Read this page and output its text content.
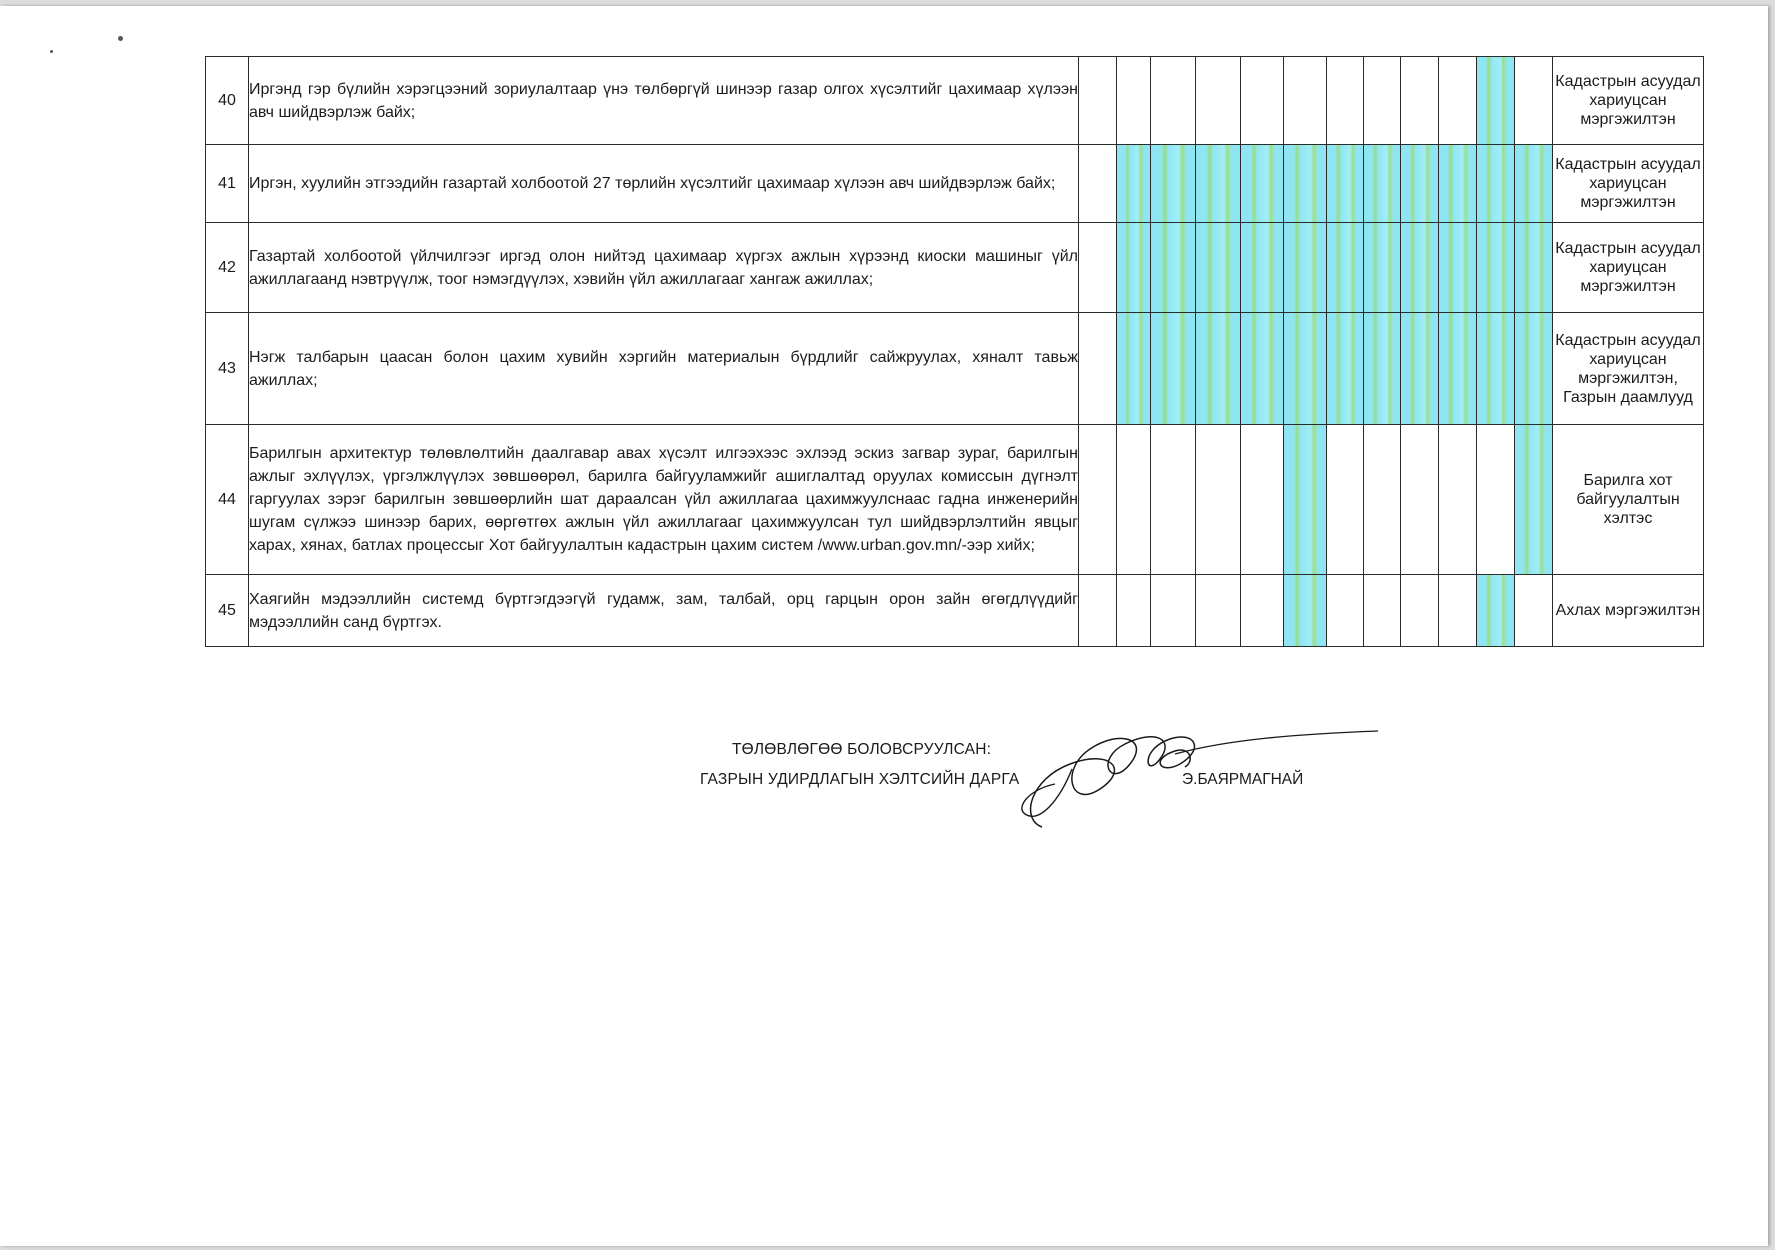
40	Иргэнд гэр бүлийн хэрэгцээний зориулалтаар үнэ төлбөргүй шинээр газар олгох хүсэлтийг цахимаар хүлээн авч шийдвэрлэж байх;													Кадастрын асуудал хариуцсан мэргэжилтэн
41	Иргэн, хуулийн этгээдийн газартай холбоотой 27 төрлийн хүсэлтийг цахимаар хүлээн авч шийдвэрлэж байх;													Кадастрын асуудал хариуцсан мэргэжилтэн
42	Газартай холбоотой үйлчилгээг иргэд олон нийтэд цахимаар хүргэх ажлын хүрээнд киоски машиныг үйл ажиллагаанд нэвтрүүлж, тоог нэмэгдүүлэх, хэвийн үйл ажиллагааг хангаж ажиллах;													Кадастрын асуудал хариуцсан мэргэжилтэн
43	Нэгж талбарын цаасан болон цахим хувийн хэргийн материалын бүрдлийг сайжруулах, хяналт тавьж ажиллах;													Кадастрын асуудал хариуцсан мэргэжилтэн, Газрын даамлууд
44	Барилгын архитектур төлөвлөлтийн даалгавар авах хүсэлт илгээхээс эхлээд эскиз загвар зураг, барилгын ажлыг эхлүүлэх, үргэлжлүүлэх зөвшөөрөл, барилга байгууламжийг ашиглалтад оруулах комиссын дүгнэлт гаргуулах зэрэг барилгын зөвшөөрлийн шат дараалсан үйл ажиллагаа цахимжуулснаас гадна инженерийн шугам сүлжээ шинээр барих, өөргөтгөх ажлын үйл ажиллагааг цахимжуулсан тул шийдвэрлэлтийн явцыг харах, хянах, батлах процессыг Хот байгуулалтын кадастрын цахим систем /www.urban.gov.mn/-ээр хийх;													Барилга хот байгуулалтын хэлтэс
45	Хаягийн мэдээллийн системд бүртгэгдээгүй гудамж, зам, талбай, орц гарцын орон зайн өгөгдлүүдийг мэдээллийн санд бүртгэх.													Ахлах мэргэжилтэн
ТӨЛӨВЛӨГӨӨ БОЛОВСРУУЛСАН:
ГАЗРЫН УДИРДЛАГЫН ХЭЛТСИЙН ДАРГА	Э.БАЯРМАГНАЙ
